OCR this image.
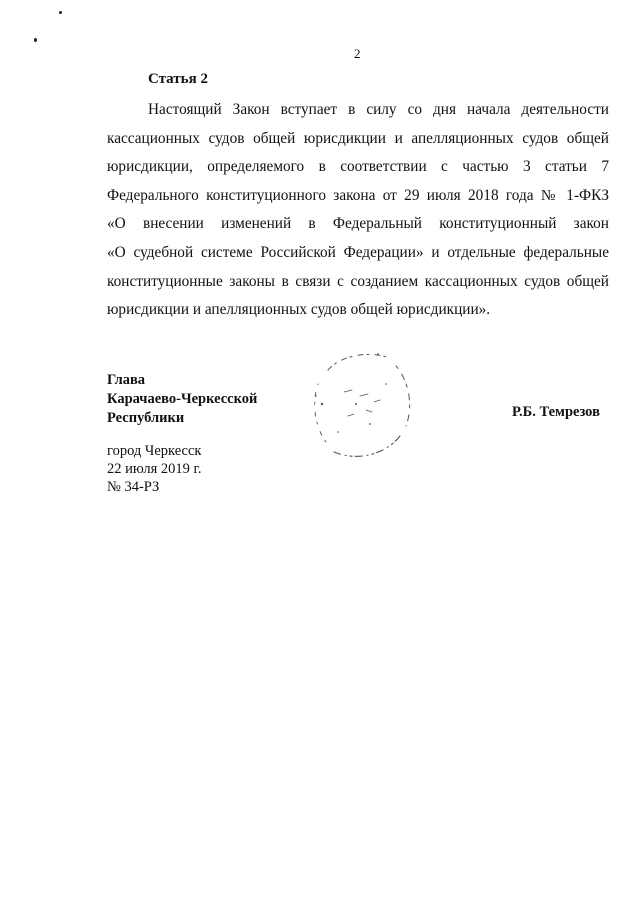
2
Статья 2
Настоящий Закон вступает в силу со дня начала деятельности
кассационных судов общей юрисдикции и апелляционных судов общей
юрисдикции, определяемого в соответствии с частью 3 статьи 7
Федерального конституционного закона от 29 июля 2018 года № 1-ФКЗ
«О внесении изменений в Федеральный конституционный закон
«О судебной системе Российской Федерации» и отдельные федеральные
конституционные законы в связи с созданием кассационных судов общей
юрисдикции и апелляционных судов общей юрисдикции».
Глава
Карачаево-Черкесской
Республики	Р.Б. Темрезов
город Черкесск
22 июля 2019 г.
№ 34-РЗ
